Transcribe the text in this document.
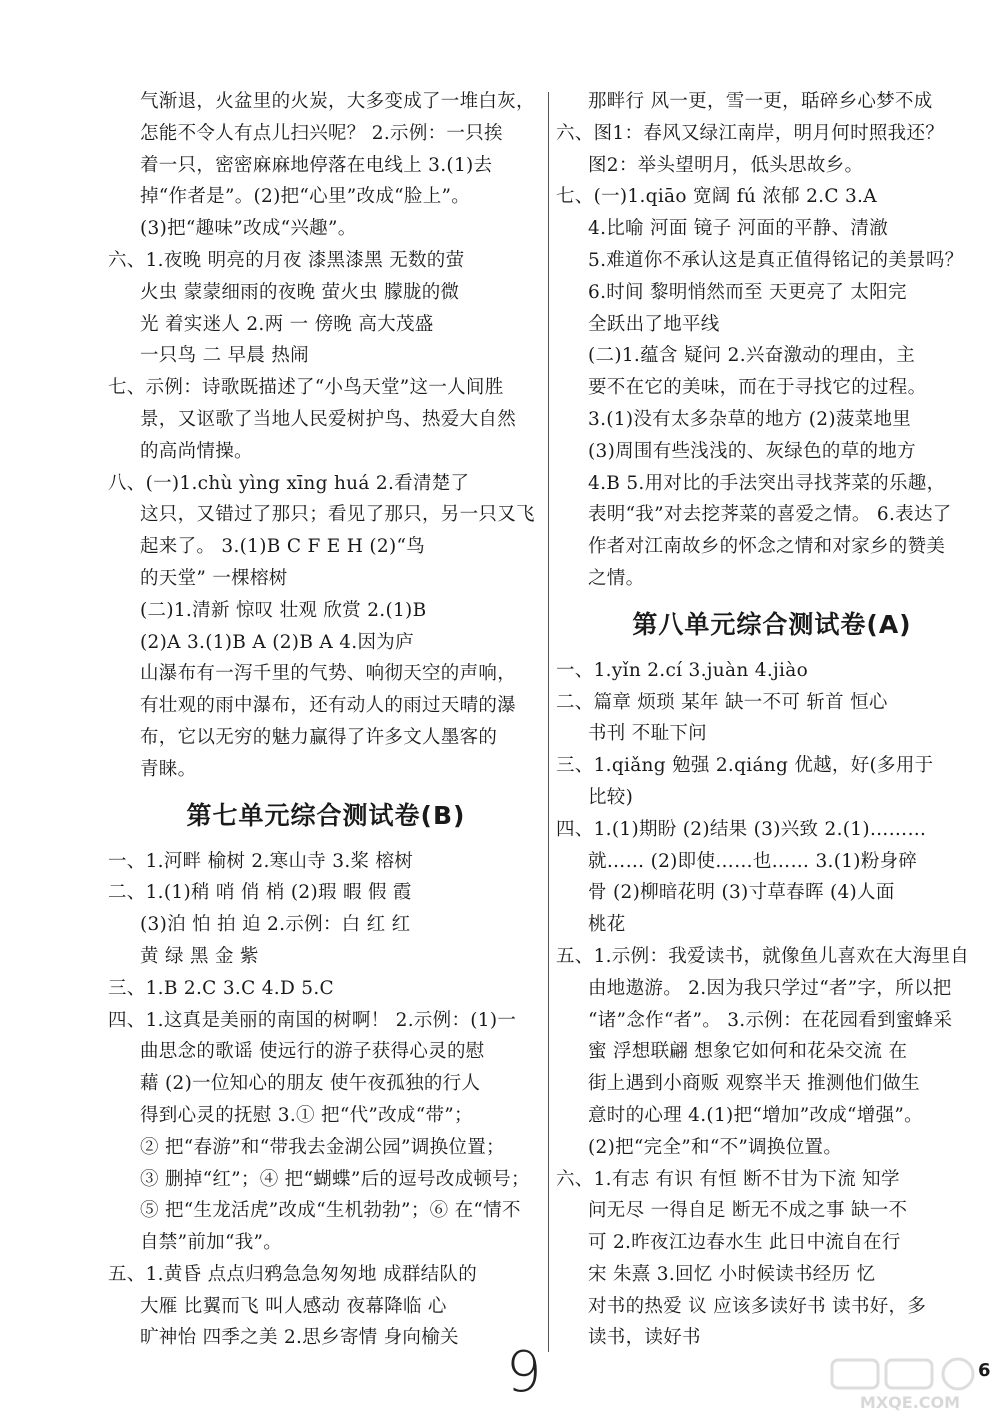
气渐退，火盆里的火炭，大多变成了一堆白灰，
怎能不令人有点儿扫兴呢？ 2.示例：一只挨
着一只，密密麻麻地停落在电线上 3.(1)去
掉“作者是”。(2)把“心里”改成“脸上”。
(3)把“趣味”改成“兴趣”。
六、1.夜晚 明亮的月夜 漆黑漆黑 无数的萤
火虫 蒙蒙细雨的夜晚 萤火虫 朦胧的微
光 着实迷人 2.两 一 傍晚 高大茂盛
一只鸟 二 早晨 热闹
七、示例：诗歌既描述了“小鸟天堂”这一人间胜
景，又讴歌了当地人民爱树护鸟、热爱大自然
的高尚情操。
八、(一)1.chù yìng xīng huá 2.看清楚了
这只，又错过了那只；看见了那只，另一只又飞
起来了。 3.(1)B C F E H (2)“鸟
的天堂” 一棵榕树
(二)1.清新 惊叹 壮观 欣赏 2.(1)B
(2)A 3.(1)B A (2)B A 4.因为庐
山瀑布有一泻千里的气势、响彻天空的声响，
有壮观的雨中瀑布，还有动人的雨过天晴的瀑
布，它以无穷的魅力赢得了许多文人墨客的
青睐。
第七单元综合测试卷(B)
一、1.河畔 榆树 2.寒山寺 3.桨 榕树
二、1.(1)稍 哨 俏 梢 (2)瑕 暇 假 霞
(3)泊 怕 拍 迫 2.示例：白 红 红
黄 绿 黑 金 紫
三、1.B 2.C 3.C 4.D 5.C
四、1.这真是美丽的南国的树啊！ 2.示例：(1)一
曲思念的歌谣 使远行的游子获得心灵的慰
藉 (2)一位知心的朋友 使午夜孤独的行人
得到心灵的抚慰 3.① 把“代”改成“带”；
② 把“春游”和“带我去金湖公园”调换位置；
③ 删掉“红”；④ 把“蝴蝶”后的逗号改成顿号；
⑤ 把“生龙活虎”改成“生机勃勃”；⑥ 在“情不
自禁”前加“我”。
五、1.黄昏 点点归鸦急急匆匆地 成群结队的
大雁 比翼而飞 叫人感动 夜幕降临 心
旷神怡 四季之美 2.思乡寄情 身向榆关
那畔行 风一更，雪一更，聒碎乡心梦不成
六、图1：春风又绿江南岸，明月何时照我还？
图2：举头望明月，低头思故乡。
七、(一)1.qiāo 宽阔 fú 浓郁 2.C 3.A
4.比喻 河面 镜子 河面的平静、清澈
5.难道你不承认这是真正值得铭记的美景吗？
6.时间 黎明悄然而至 天更亮了 太阳完
全跃出了地平线
(二)1.蕴含 疑问 2.兴奋激动的理由，主
要不在它的美味，而在于寻找它的过程。
3.(1)没有太多杂草的地方 (2)菠菜地里
(3)周围有些浅浅的、灰绿色的草的地方
4.B 5.用对比的手法突出寻找荠菜的乐趣，
表明“我”对去挖荠菜的喜爱之情。 6.表达了
作者对江南故乡的怀念之情和对家乡的赞美
之情。
第八单元综合测试卷(A)
一、1.yǐn 2.cí 3.juàn 4.jiào
二、篇章 烦琐 某年 缺一不可 斩首 恒心
书刊 不耻下问
三、1.qiǎng 勉强 2.qiáng 优越，好(多用于
比较)
四、1.(1)期盼 (2)结果 (3)兴致 2.(1)………
就…… (2)即使……也…… 3.(1)粉身碎
骨 (2)柳暗花明 (3)寸草春晖 (4)人面
桃花
五、1.示例：我爱读书，就像鱼儿喜欢在大海里自
由地遨游。 2.因为我只学过“者”字，所以把
“诸”念作“者”。 3.示例：在花园看到蜜蜂采
蜜 浮想联翩 想象它如何和花朵交流 在
街上遇到小商贩 观察半天 推测他们做生
意时的心理 4.(1)把“增加”改成“增强”。
(2)把“完全”和“不”调换位置。
六、1.有志 有识 有恒 断不甘为下流 知学
问无尽 一得自足 断无不成之事 缺一不
可 2.昨夜江边春水生 此日中流自在行
宋 朱熹 3.回忆 小时候读书经历 忆
对书的热爱 议 应该多读好书 读书好，多
读书，读好书
9	6
MXQE.COM
